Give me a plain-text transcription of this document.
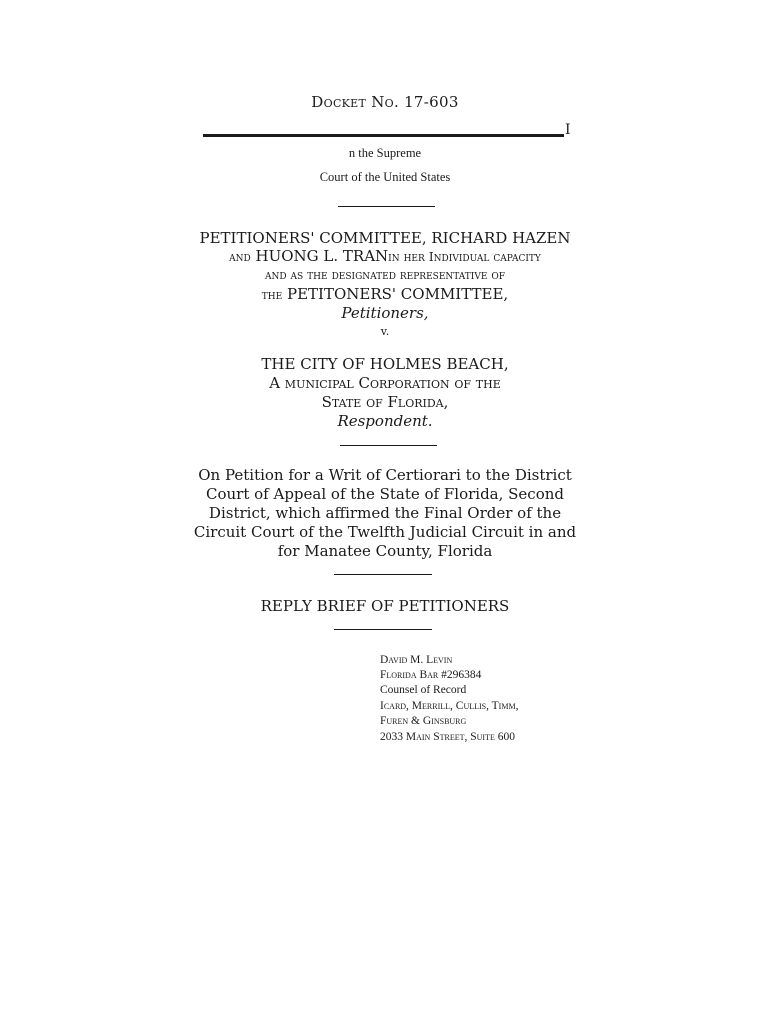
Docket No. 17-603
I
n the Supreme
Court of the United States
PETITIONERS' COMMITTEE, RICHARD HAZEN
and HUONG L. TRANin her Individual capacity
and as the designated representative of
the PETITONERS' COMMITTEE,
Petitioners,
v.
THE CITY OF HOLMES BEACH,
A municipal Corporation of the
State of Florida,
Respondent.
On Petition for a Writ of Certiorari to the District
Court of Appeal of the State of Florida, Second
District, which affirmed the Final Order of the
Circuit Court of the Twelfth Judicial Circuit in and
for Manatee County, Florida
REPLY BRIEF OF PETITIONERS
David M. Levin
Florida Bar #296384
Counsel of Record
Icard, Merrill, Cullis, Timm,
Furen & Ginsburg
2033 Main Street, Suite 600
